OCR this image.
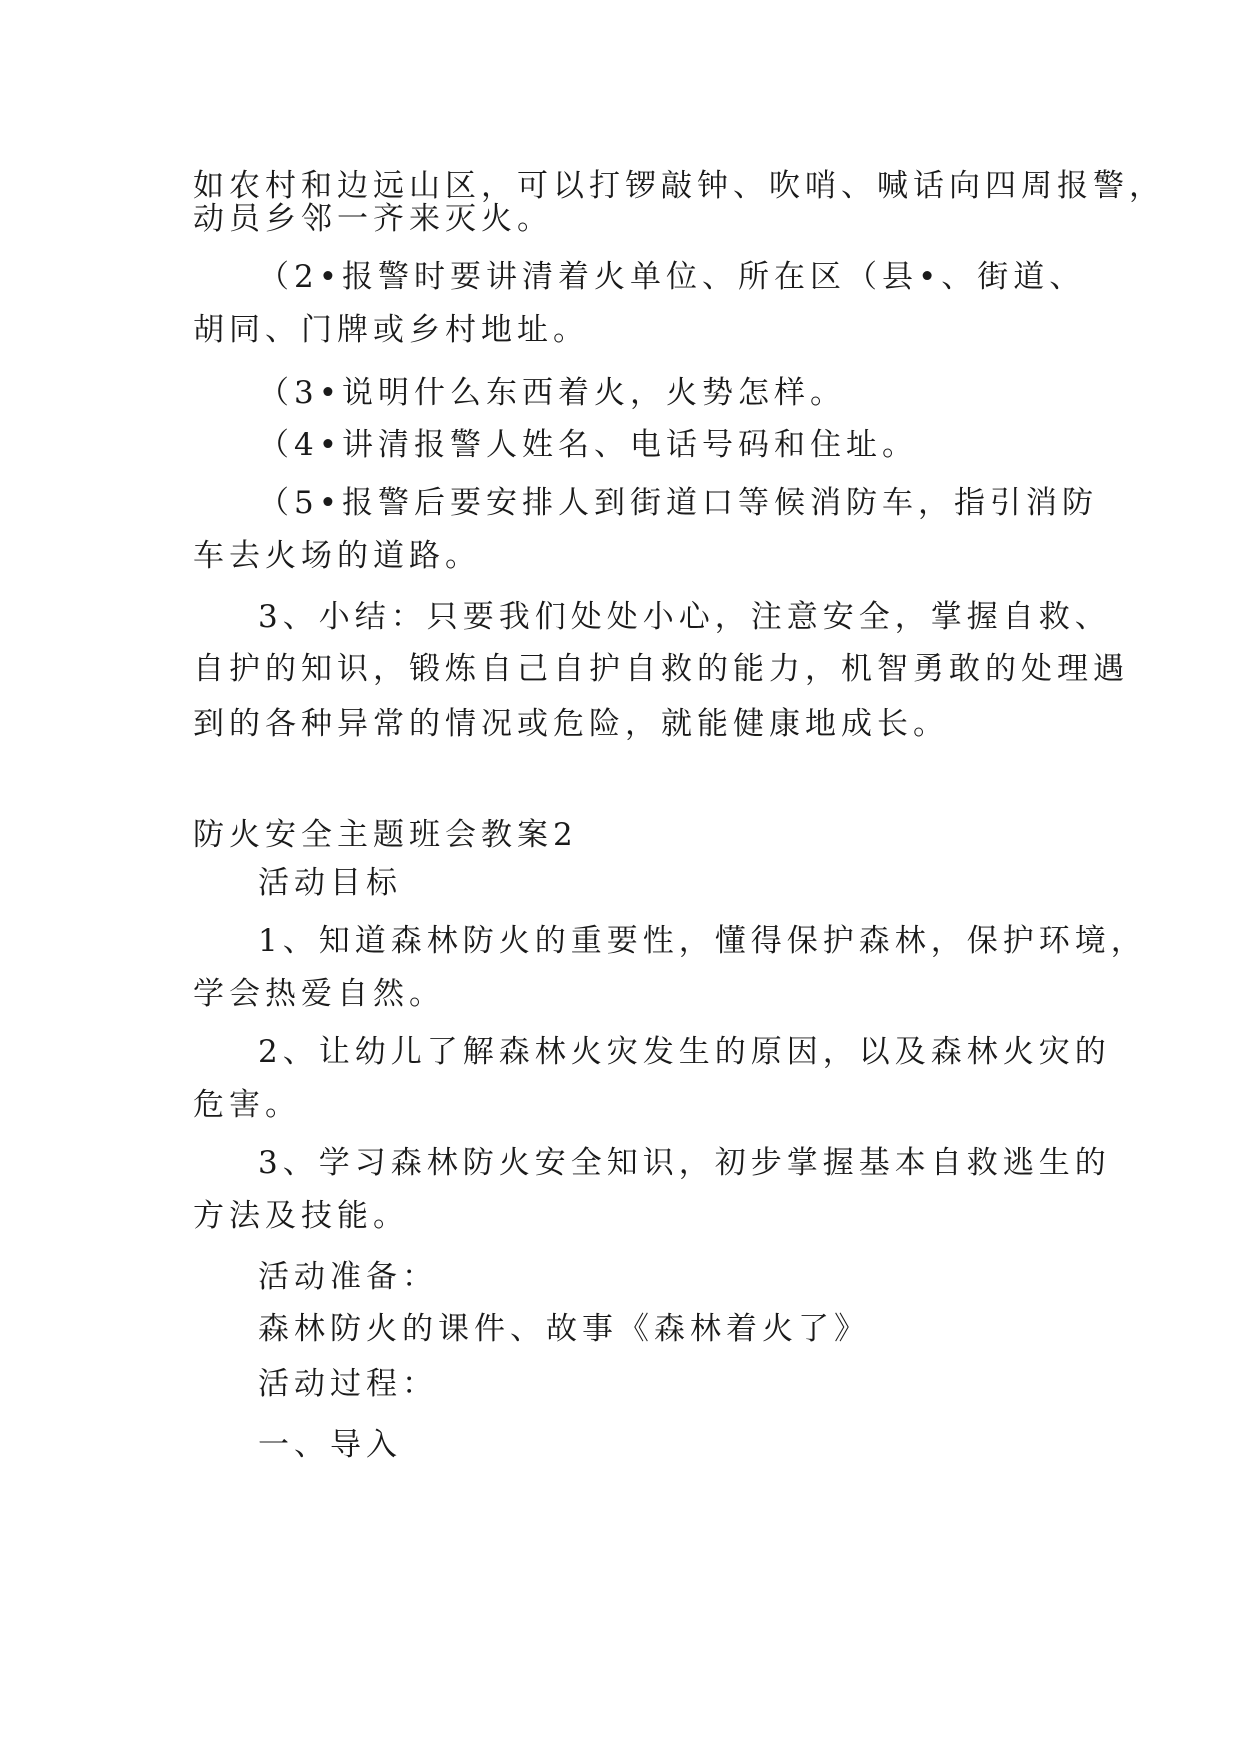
如农村和边远山区，可以打锣敲钟、吹哨、喊话向四周报警，

动员乡邻一齐来灭火。

（2•报警时要讲清着火单位、所在区（县•、街道、

胡同、门牌或乡村地址。

（3•说明什么东西着火，火势怎样。

（4•讲清报警人姓名、电话号码和住址。

（5•报警后要安排人到街道口等候消防车，指引消防

车去火场的道路。

3、小结：只要我们处处小心，注意安全，掌握自救、

自护的知识，锻炼自己自护自救的能力，机智勇敢的处理遇

到的各种异常的情况或危险，就能健康地成长。

防火安全主题班会教案2

活动目标

1、知道森林防火的重要性，懂得保护森林，保护环境，

学会热爱自然。

2、让幼儿了解森林火灾发生的原因，以及森林火灾的

危害。

3、学习森林防火安全知识，初步掌握基本自救逃生的

方法及技能。

活动准备：

森林防火的课件、故事《森林着火了》

活动过程：

一、导入
